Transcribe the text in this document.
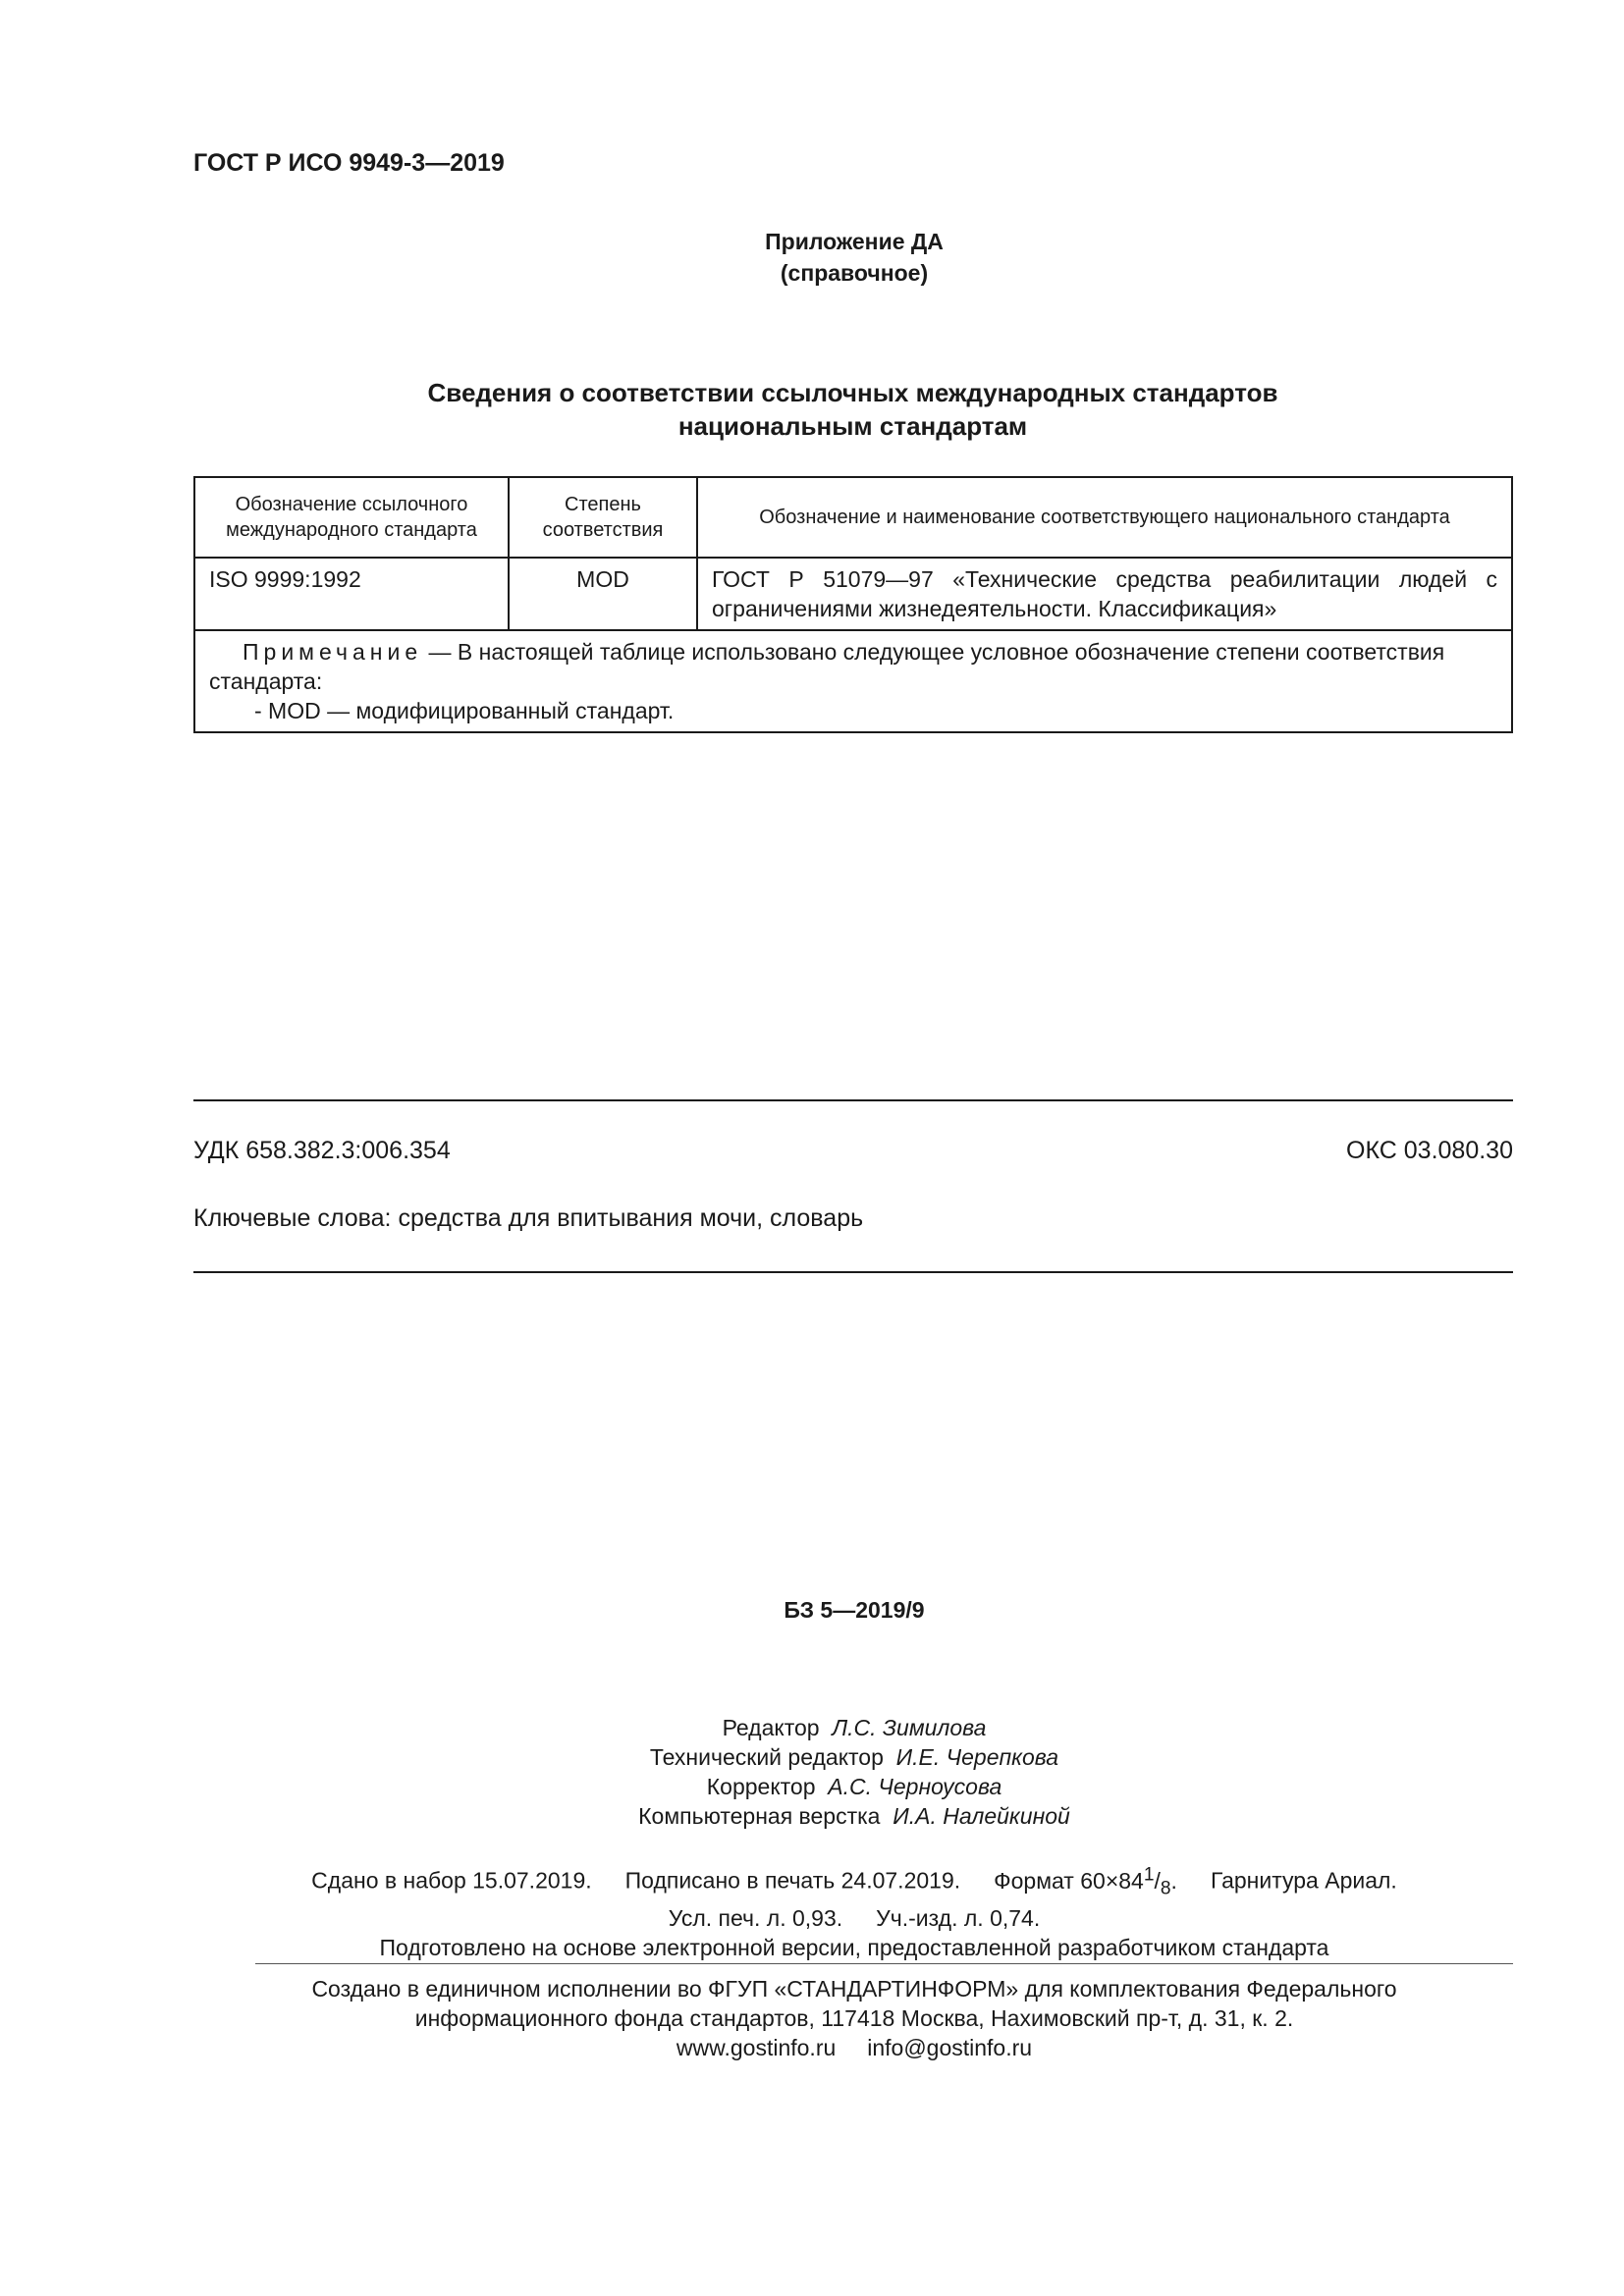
ГОСТ Р ИСО 9949-3—2019
Приложение ДА
(справочное)
Сведения о соответствии ссылочных международных стандартов
национальным стандартам
Обозначение ссылочного международного стандарта	Степень соответствия	Обозначение и наименование соответствующего национального стандарта
ISO 9999:1992	MOD	ГОСТ Р 51079—97 «Технические средства реабилитации людей с ограничениями жизнедеятельности. Классификация»

Примечание — В настоящей таблице использовано следующее условное обозначение степени соответствия стандарта:

- MOD — модифицированный стандарт.		

УДК 658.382.3:006.354	ОКС 03.080.30
Ключевые слова: средства для впитывания мочи, словарь
БЗ 5—2019/9
Редактор Л.С. Зимилова
Технический редактор И.Е. Черепкова
Корректор А.С. Черноусова
Компьютерная верстка И.А. Налейкиной
Сдано в набор 15.07.2019. Подписано в печать 24.07.2019. Формат $60\times 84^1/_8$. Гарнитура Ариал.
Усл. печ. л. 0,93. Уч.-изд. л. 0,74.
Подготовлено на основе электронной версии, предоставленной разработчиком стандарта
Создано в единичном исполнении во ФГУП «СТАНДАРТИНФОРМ» для комплектования Федерального
информационного фонда стандартов, 117418 Москва, Нахимовский пр-т, д. 31, к. 2.
www.gostinfo.ru info@gostinfo.ru
